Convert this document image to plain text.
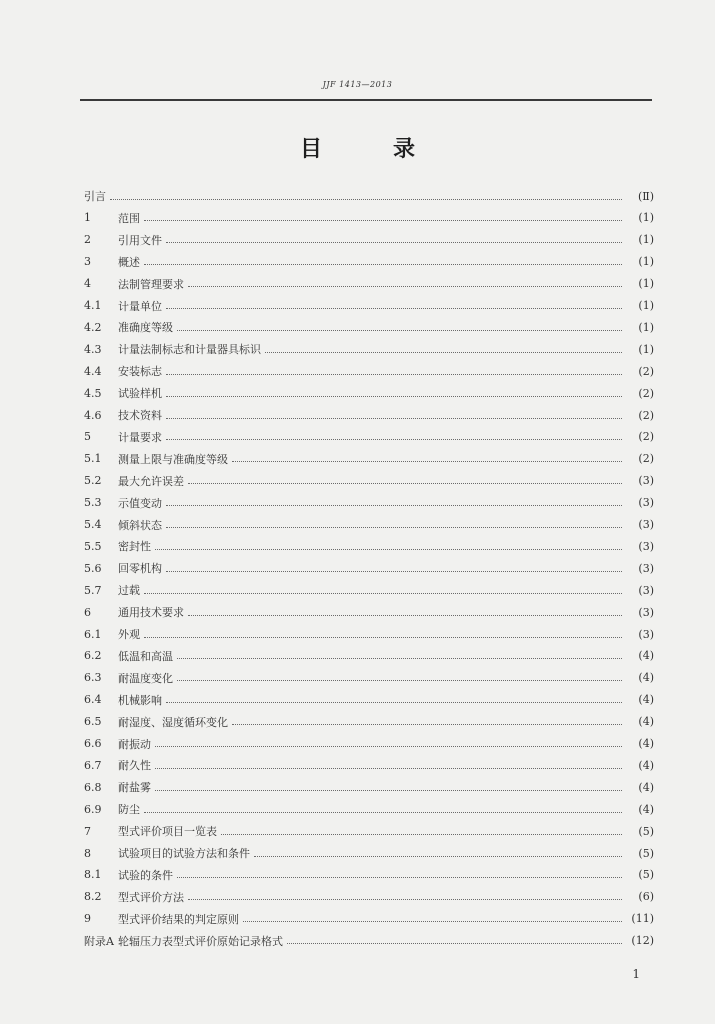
JJF 1413—2013
目	录
引言	(Ⅱ)
1	范围	(1)
2	引用文件	(1)
3	概述	(1)
4	法制管理要求	(1)
4.1	计量单位	(1)
4.2	准确度等级	(1)
4.3	计量法制标志和计量器具标识	(1)
4.4	安装标志	(2)
4.5	试验样机	(2)
4.6	技术资料	(2)
5	计量要求	(2)
5.1	测量上限与准确度等级	(2)
5.2	最大允许误差	(3)
5.3	示值变动	(3)
5.4	倾斜状态	(3)
5.5	密封性	(3)
5.6	回零机构	(3)
5.7	过载	(3)
6	通用技术要求	(3)
6.1	外观	(3)
6.2	低温和高温	(4)
6.3	耐温度变化	(4)
6.4	机械影响	(4)
6.5	耐湿度、湿度循环变化	(4)
6.6	耐振动	(4)
6.7	耐久性	(4)
6.8	耐盐雾	(4)
6.9	防尘	(4)
7	型式评价项目一览表	(5)
8	试验项目的试验方法和条件	(5)
8.1	试验的条件	(5)
8.2	型式评价方法	(6)
9	型式评价结果的判定原则	(11)
附录A 轮辐压力表型式评价原始记录格式	(12)
1
